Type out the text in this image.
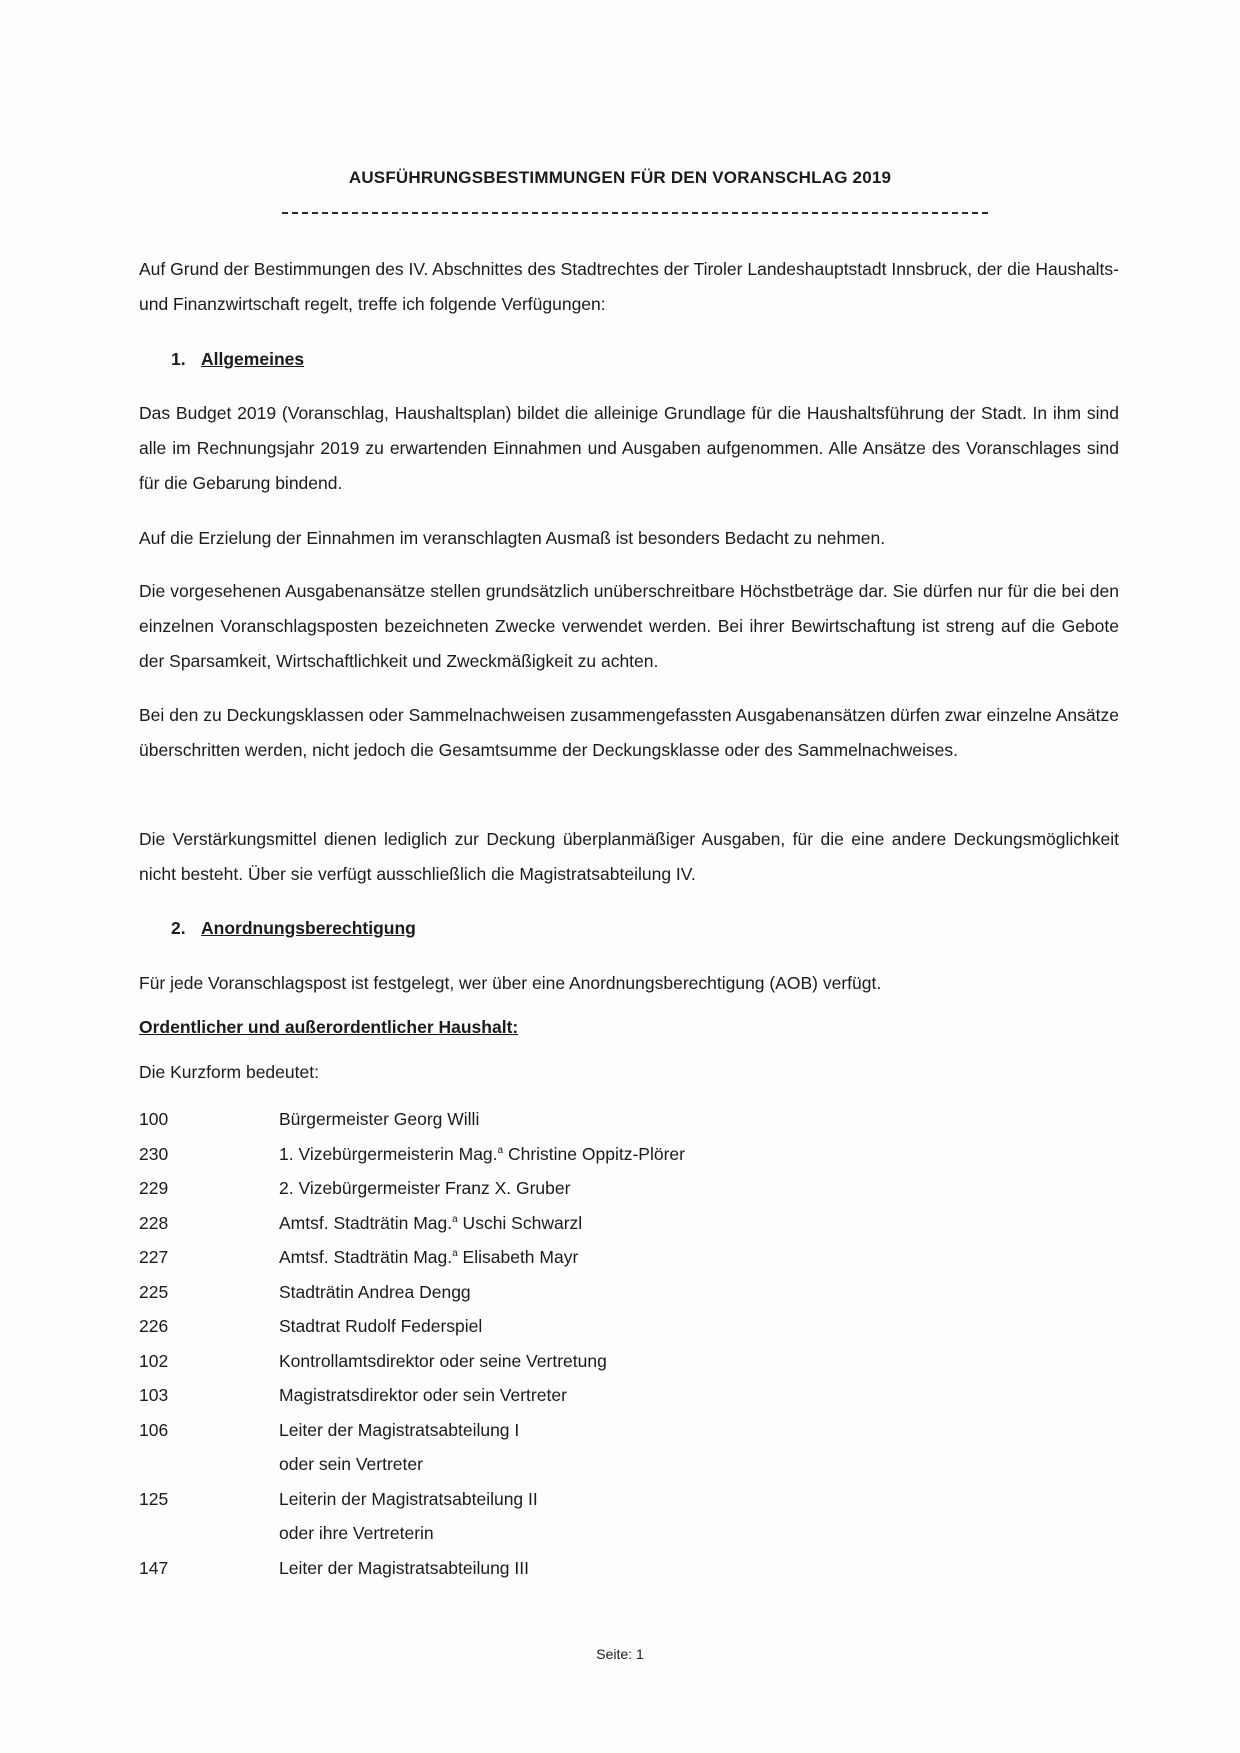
AUSFÜHRUNGSBESTIMMUNGEN FÜR DEN VORANSCHLAG 2019
Auf Grund der Bestimmungen des IV. Abschnittes des Stadtrechtes der Tiroler Landeshauptstadt Innsbruck, der die Haushalts- und Finanzwirtschaft regelt, treffe ich folgende Verfügungen:
1. Allgemeines
Das Budget 2019 (Voranschlag, Haushaltsplan) bildet die alleinige Grundlage für die Haushaltsführung der Stadt. In ihm sind alle im Rechnungsjahr 2019 zu erwartenden Einnahmen und Ausgaben aufgenommen. Alle Ansätze des Voranschlages sind für die Gebarung bindend.
Auf die Erzielung der Einnahmen im veranschlagten Ausmaß ist besonders Bedacht zu nehmen.
Die vorgesehenen Ausgabenansätze stellen grundsätzlich unüberschreitbare Höchstbeträge dar. Sie dürfen nur für die bei den einzelnen Voranschlagsposten bezeichneten Zwecke verwendet werden. Bei ihrer Bewirtschaftung ist streng auf die Gebote der Sparsamkeit, Wirtschaftlichkeit und Zweckmäßigkeit zu achten.
Bei den zu Deckungsklassen oder Sammelnachweisen zusammengefassten Ausgabenansätzen dürfen zwar einzelne Ansätze überschritten werden, nicht jedoch die Gesamtsumme der Deckungsklasse oder des Sammelnachweises.
Die Verstärkungsmittel dienen lediglich zur Deckung überplanmäßiger Ausgaben, für die eine andere Deckungsmöglichkeit nicht besteht. Über sie verfügt ausschließlich die Magistratsabteilung IV.
2. Anordnungsberechtigung
Für jede Voranschlagspost ist festgelegt, wer über eine Anordnungsberechtigung (AOB) verfügt.
Ordentlicher und außerordentlicher Haushalt:
Die Kurzform bedeutet:
100	Bürgermeister Georg Willi
230	1. Vizebürgermeisterin Mag.$^a$ Christine Oppitz-Plörer
229	2. Vizebürgermeister Franz X. Gruber
228	Amtsf. Stadträtin Mag.$^a$ Uschi Schwarzl
227	Amtsf. Stadträtin Mag.$^a$ Elisabeth Mayr
225	Stadträtin Andrea Dengg
226	Stadtrat Rudolf Federspiel
102	Kontrollamtsdirektor oder seine Vertretung
103	Magistratsdirektor oder sein Vertreter
106	Leiter der Magistratsabteilung I
oder sein Vertreter
125	Leiterin der Magistratsabteilung II
oder ihre Vertreterin
147	Leiter der Magistratsabteilung III
Seite: 1
